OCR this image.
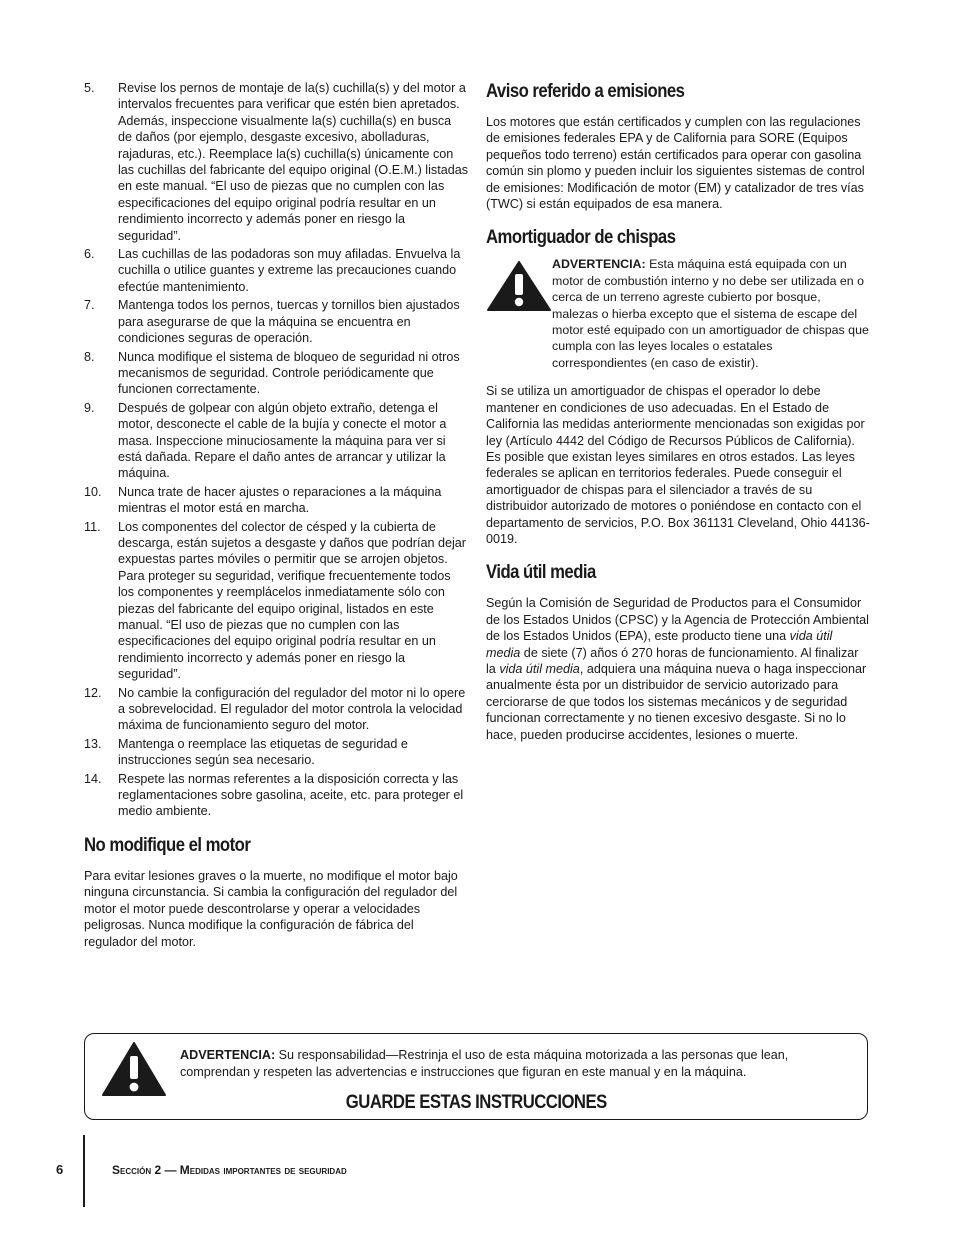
5.	Revise los pernos de montaje de la(s) cuchilla(s) y del motor a intervalos frecuentes para verificar que estén bien apretados. Además, inspeccione visualmente la(s) cuchilla(s) en busca de daños (por ejemplo, desgaste excesivo, abolladuras, rajaduras, etc.). Reemplace la(s) cuchilla(s) únicamente con las cuchillas del fabricante del equipo original (O.E.M.) listadas en este manual. “El uso de piezas que no cumplen con las especificaciones del equipo original podría resultar en un rendimiento incorrecto y además poner en riesgo la seguridad”.
6.	Las cuchillas de las podadoras son muy afiladas. Envuelva la cuchilla o utilice guantes y extreme las precauciones cuando efectúe mantenimiento.
7.	Mantenga todos los pernos, tuercas y tornillos bien ajustados para asegurarse de que la máquina se encuentra en condiciones seguras de operación.
8.	Nunca modifique el sistema de bloqueo de seguridad ni otros mecanismos de seguridad. Controle periódicamente que funcionen correctamente.
9.	Después de golpear con algún objeto extraño, detenga el motor, desconecte el cable de la bujía y conecte el motor a masa. Inspeccione minuciosamente la máquina para ver si está dañada. Repare el daño antes de arrancar y utilizar la máquina.
10.	Nunca trate de hacer ajustes o reparaciones a la máquina mientras el motor está en marcha.
11.	Los componentes del colector de césped y la cubierta de descarga, están sujetos a desgaste y daños que podrían dejar expuestas partes móviles o permitir que se arrojen objetos. Para proteger su seguridad, verifique frecuentemente todos los componentes y reemplácelos inmediatamente sólo con piezas del fabricante del equipo original, listados en este manual. “El uso de piezas que no cumplen con las especificaciones del equipo original podría resultar en un rendimiento incorrecto y además poner en riesgo la seguridad”.
12.	No cambie la configuración del regulador del motor ni lo opere a sobrevelocidad. El regulador del motor controla la velocidad máxima de funcionamiento seguro del motor.
13.	Mantenga o reemplace las etiquetas de seguridad e instrucciones según sea necesario.
14.	Respete las normas referentes a la disposición correcta y las reglamentaciones sobre gasolina, aceite, etc. para proteger el medio ambiente.
No modifique el motor

Para evitar lesiones graves o la muerte, no modifique el motor bajo ninguna circunstancia. Si cambia la configuración del regulador del motor el motor puede descontrolarse y operar a velocidades peligrosas. Nunca modifique la configuración de fábrica del regulador del motor.

Aviso referido a emisiones

Los motores que están certificados y cumplen con las regulaciones de emisiones federales EPA y de California para SORE (Equipos pequeños todo terreno) están certificados para operar con gasolina común sin plomo y pueden incluir los siguientes sistemas de control de emisiones: Modificación de motor (EM) y catalizador de tres vías (TWC) si están equipados de esa manera.

Amortiguador de chispas
ADVERTENCIA: Esta máquina está equipada con un motor de combustión interno y no debe ser utilizada en o cerca de un terreno agreste cubierto por bosque, malezas o hierba excepto que el sistema de escape del motor esté equipado con un amortiguador de chispas que cumpla con las leyes locales o estatales correspondientes (en caso de existir).

Si se utiliza un amortiguador de chispas el operador lo debe mantener en condiciones de uso adecuadas. En el Estado de California las medidas anteriormente mencionadas son exigidas por ley (Artículo 4442 del Código de Recursos Públicos de California). Es posible que existan leyes similares en otros estados. Las leyes federales se aplican en territorios federales. Puede conseguir el amortiguador de chispas para el silenciador a través de su distribuidor autorizado de motores o poniéndose en contacto con el departamento de servicios, P.O. Box 361131 Cleveland, Ohio 44136-0019.

Vida útil media

Según la Comisión de Seguridad de Productos para el Consumidor de los Estados Unidos (CPSC) y la Agencia de Protección Ambiental de los Estados Unidos (EPA), este producto tiene una vida útil media de siete (7) años ó 270 horas de funcionamiento. Al finalizar la vida útil media, adquiera una máquina nueva o haga inspeccionar anualmente ésta por un distribuidor de servicio autorizado para cerciorarse de que todos los sistemas mecánicos y de seguridad funcionan correctamente y no tienen excesivo desgaste. Si no lo hace, pueden producirse accidentes, lesiones o muerte.

ADVERTENCIA: Su responsabilidad—Restrinja el uso de esta máquina motorizada a las personas que lean, comprendan y respeten las advertencias e instrucciones que figuran en este manual y en la máquina.
GUARDE ESTAS INSTRUCCIONES
6	Sección 2 — Medidas importantes de seguridad
